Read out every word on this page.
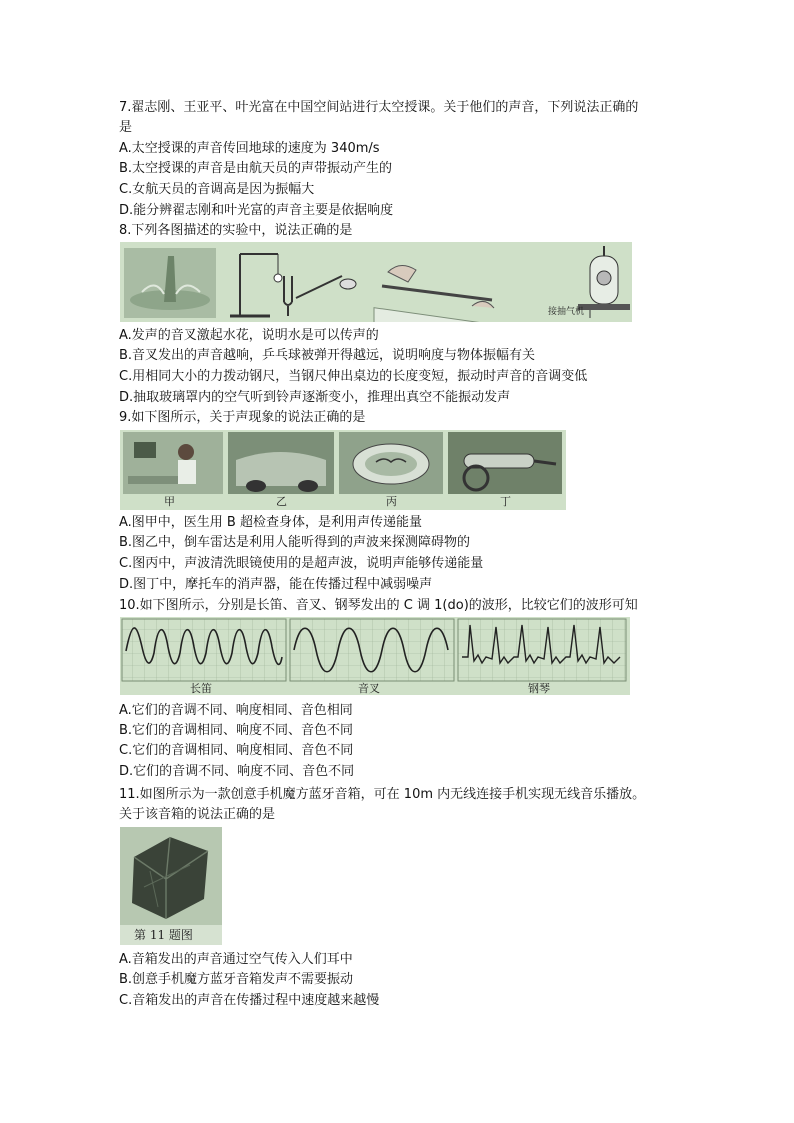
7.翟志刚、王亚平、叶光富在中国空间站进行太空授课。关于他们的声音，下列说法正确的
是
A.太空授课的声音传回地球的速度为 340m/s
B.太空授课的声音是由航天员的声带振动产生的
C.女航天员的音调高是因为振幅大
D.能分辨翟志刚和叶光富的声音主要是依据响度
8.下列各图描述的实验中，说法正确的是
接抽气机
A.发声的音叉激起水花，说明水是可以传声的
B.音叉发出的声音越响，乒乓球被弹开得越远，说明响度与物体振幅有关
C.用相同大小的力拨动钢尺，当钢尺伸出桌边的长度变短，振动时声音的音调变低
D.抽取玻璃罩内的空气听到铃声逐渐变小，推理出真空不能振动发声
9.如下图所示，关于声现象的说法正确的是
甲	乙	丙	丁
A.图甲中，医生用 B 超检查身体，是利用声传递能量
B.图乙中，倒车雷达是利用人能听得到的声波来探测障碍物的
C.图丙中，声波清洗眼镜使用的是超声波，说明声能够传递能量
D.图丁中，摩托车的消声器，能在传播过程中减弱噪声
10.如下图所示，分别是长笛、音叉、钢琴发出的 C 调 1(do)的波形，比较它们的波形可知
长笛	音叉	钢琴
A.它们的音调不同、响度相同、音色相同
B.它们的音调相同、响度不同、音色不同
C.它们的音调相同、响度相同、音色不同
D.它们的音调不同、响度不同、音色不同
11.如图所示为一款创意手机魔方蓝牙音箱，可在 10m 内无线连接手机实现无线音乐播放。
关于该音箱的说法正确的是
第 11 题图
A.音箱发出的声音通过空气传入人们耳中
B.创意手机魔方蓝牙音箱发声不需要振动
C.音箱发出的声音在传播过程中速度越来越慢
